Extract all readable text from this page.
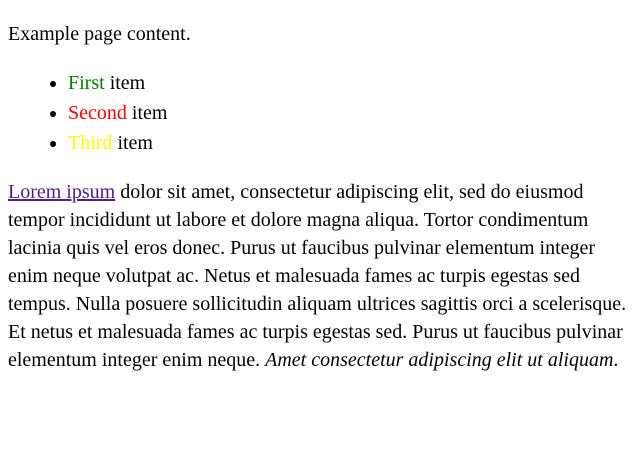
Example page content.

• First item
• Second item
• Third item

Lorem ipsum dolor sit amet, consectetur adipiscing elit, sed do eiusmod tempor incididunt ut labore et dolore magna aliqua. Tortor condimentum lacinia quis vel eros donec. Purus ut faucibus pulvinar elementum integer enim neque volutpat ac. Netus et malesuada fames ac turpis egestas sed tempus. Nulla posuere sollicitudin aliquam ultrices sagittis orci a scelerisque. Et netus et malesuada fames ac turpis egestas sed. Purus ut faucibus pulvinar elementum integer enim neque. Amet consectetur adipiscing elit ut aliquam.
